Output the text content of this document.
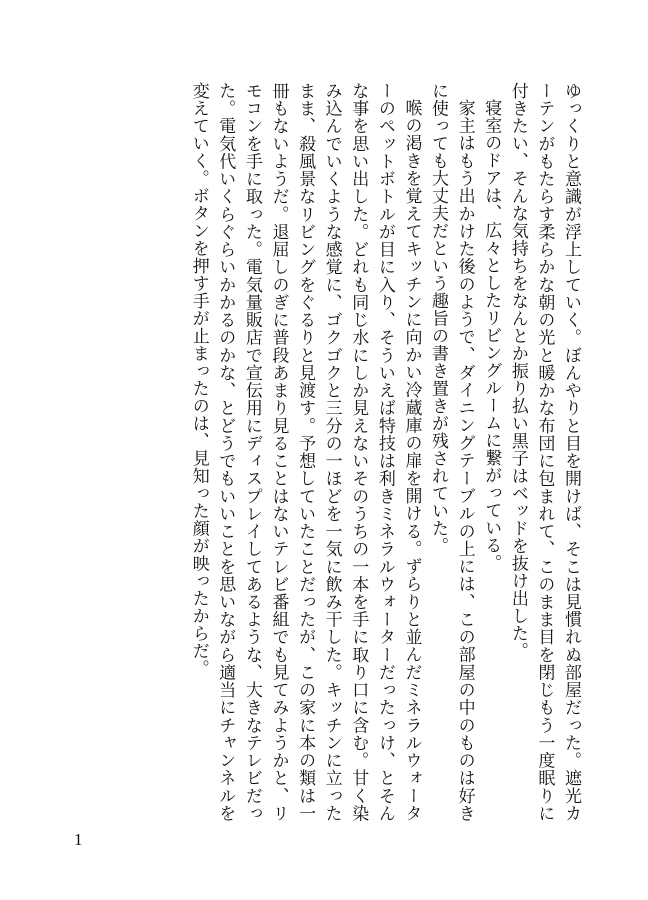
ゆっくりと意識が浮上していく。ぼんやりと目を開けば、そこは見慣れぬ部屋だった。遮光カーテンがもたらす柔らかな朝の光と暖かな布団に包まれて、このまま目を閉じもう一度眠りに付きたい、そんな気持ちをなんとか振り払い黒子はベッドを抜け出した。

寝室のドアは、広々としたリビングルームに繋がっている。

家主はもう出かけた後のようで、ダイニングテーブルの上には、この部屋の中のものは好きに使っても大丈夫だという趣旨の書き置きが残されていた。

喉の渇きを覚えてキッチンに向かい冷蔵庫の扉を開ける。ずらりと並んだミネラルウォーターのペットボトルが目に入り、そういえば特技は利きミネラルウォーターだったっけ、とそんな事を思い出した。どれも同じ水にしか見えないそのうちの一本を手に取り口に含む。甘く染み込んでいくような感覚に、ゴクゴクと三分の一ほどを一気に飲み干した。キッチンに立ったまま、殺風景なリビングをぐるりと見渡す。予想していたことだったが、この家に本の類は一冊もないようだ。退屈しのぎに普段あまり見ることはないテレビ番組でも見てみようかと、リモコンを手に取った。電気量販店で宣伝用にディスプレイしてあるような、大きなテレビだった。電気代いくらぐらいかかるのかな、とどうでもいいことを思いながら適当にチャンネルを変えていく。ボタンを押す手が止まったのは、見知った顔が映ったからだ。

1
